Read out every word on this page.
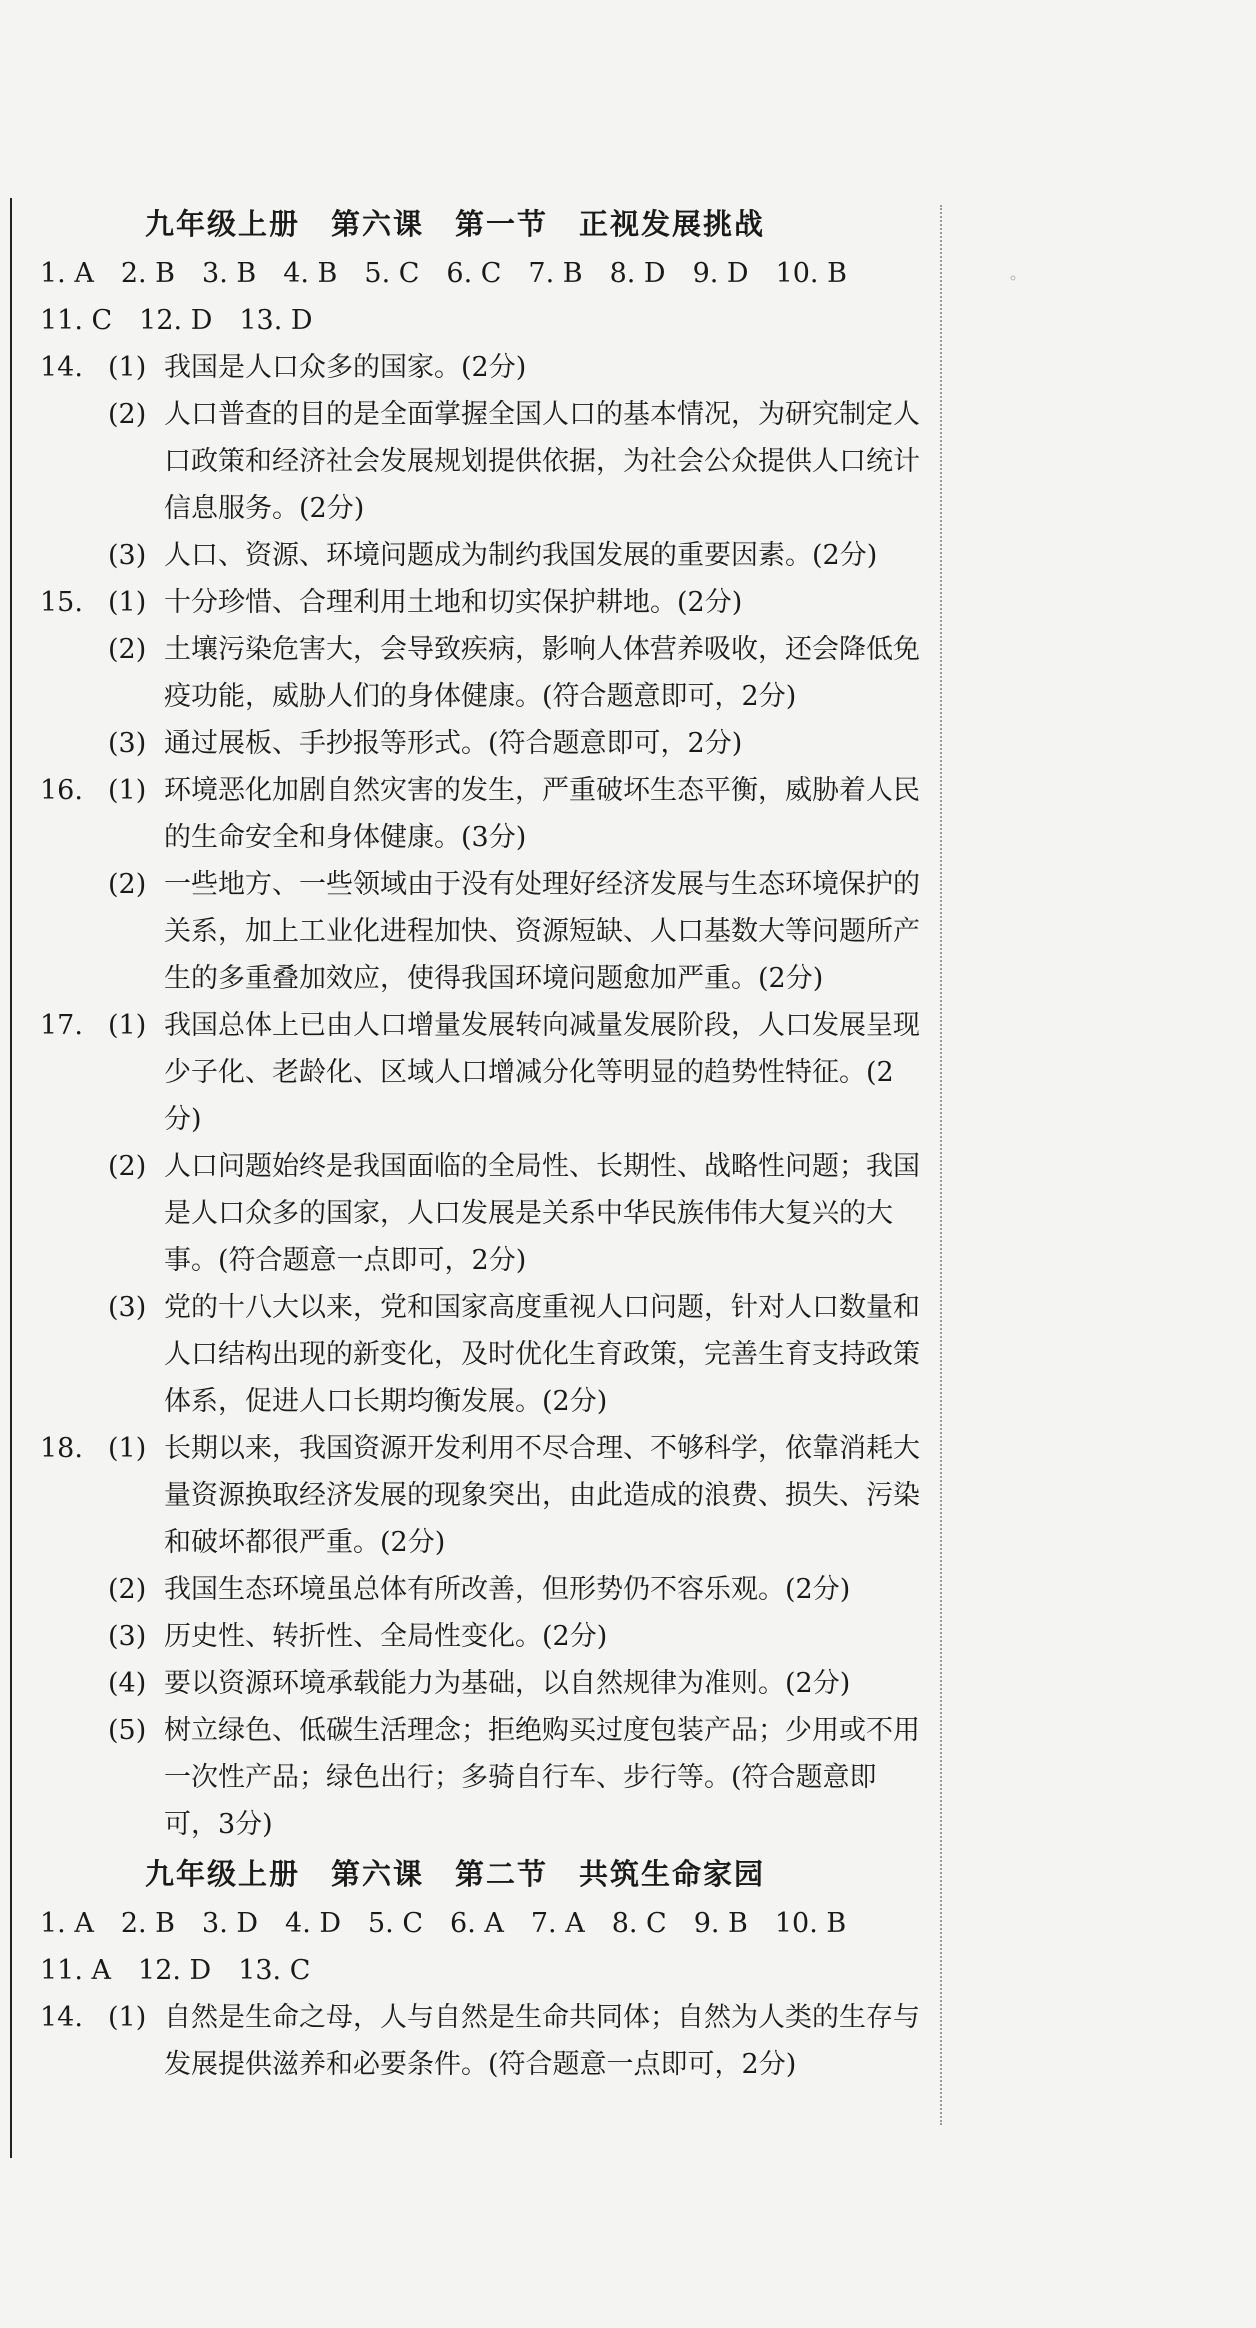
∘
九年级上册　第六课　第一节　正视发展挑战
1. A　2. B　3. B　4. B　5. C　6. C　7. B　8. D　9. D　10. B
11. C　12. D　13. D
14. (1) 我国是人口众多的国家。(2分)
(2) 人口普查的目的是全面掌握全国人口的基本情况，为研究制定人口政策和经济社会发展规划提供依据，为社会公众提供人口统计信息服务。(2分)
(3) 人口、资源、环境问题成为制约我国发展的重要因素。(2分)
15. (1) 十分珍惜、合理利用土地和切实保护耕地。(2分)
(2) 土壤污染危害大，会导致疾病，影响人体营养吸收，还会降低免疫功能，威胁人们的身体健康。(符合题意即可，2分)
(3) 通过展板、手抄报等形式。(符合题意即可，2分)
16. (1) 环境恶化加剧自然灾害的发生，严重破坏生态平衡，威胁着人民的生命安全和身体健康。(3分)
(2) 一些地方、一些领域由于没有处理好经济发展与生态环境保护的关系，加上工业化进程加快、资源短缺、人口基数大等问题所产生的多重叠加效应，使得我国环境问题愈加严重。(2分)
17. (1) 我国总体上已由人口增量发展转向减量发展阶段，人口发展呈现少子化、老龄化、区域人口增减分化等明显的趋势性特征。(2分)
(2) 人口问题始终是我国面临的全局性、长期性、战略性问题；我国是人口众多的国家，人口发展是关系中华民族伟伟大复兴的大事。(符合题意一点即可，2分)
(3) 党的十八大以来，党和国家高度重视人口问题，针对人口数量和人口结构出现的新变化，及时优化生育政策，完善生育支持政策体系，促进人口长期均衡发展。(2分)
18. (1) 长期以来，我国资源开发利用不尽合理、不够科学，依靠消耗大量资源换取经济发展的现象突出，由此造成的浪费、损失、污染和破坏都很严重。(2分)
(2) 我国生态环境虽总体有所改善，但形势仍不容乐观。(2分)
(3) 历史性、转折性、全局性变化。(2分)
(4) 要以资源环境承载能力为基础，以自然规律为准则。(2分)
(5) 树立绿色、低碳生活理念；拒绝购买过度包装产品；少用或不用一次性产品；绿色出行；多骑自行车、步行等。(符合题意即可，3分)
九年级上册　第六课　第二节　共筑生命家园
1. A　2. B　3. D　4. D　5. C　6. A　7. A　8. C　9. B　10. B
11. A　12. D　13. C
14. (1) 自然是生命之母，人与自然是生命共同体；自然为人类的生存与发展提供滋养和必要条件。(符合题意一点即可，2分)
